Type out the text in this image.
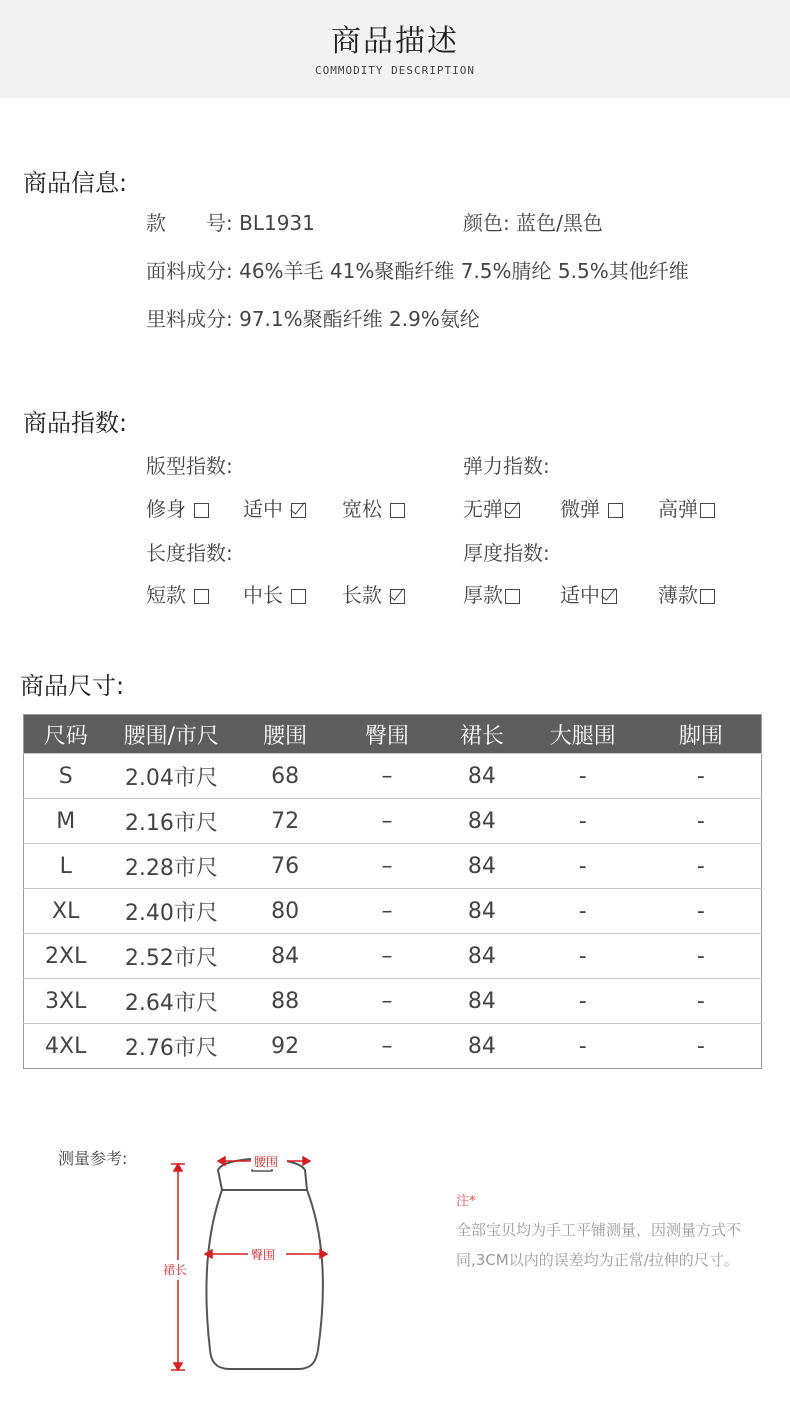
商品描述
COMMODITY DESCRIPTION
商品信息:
款　　号: BL1931	颜色: 蓝色/黑色
面料成分: 46%羊毛 41%聚酯纤维 7.5%腈纶 5.5%其他纤维
里料成分: 97.1%聚酯纤维 2.9%氨纶
商品指数:
版型指数:	弹力指数:
修身	适中	宽松	无弹	微弹	高弹
长度指数:	厚度指数:
短款	中长	长款	厚款	适中	薄款
商品尺寸:
尺码	腰围/市尺	腰围	臀围	裙长	大腿围	脚围
S	2.04市尺	68	–	84	-	-
M	2.16市尺	72	–	84	-	-
L	2.28市尺	76	–	84	-	-
XL	2.40市尺	80	–	84	-	-
2XL	2.52市尺	84	–	84	-	-
3XL	2.64市尺	88	–	84	-	-
4XL	2.76市尺	92	–	84	-	-
测量参考:	腰围
臀围
裙长
注*
全部宝贝均为手工平铺测量，因测量方式不同,3CM以内的误差均为正常/拉伸的尺寸。
